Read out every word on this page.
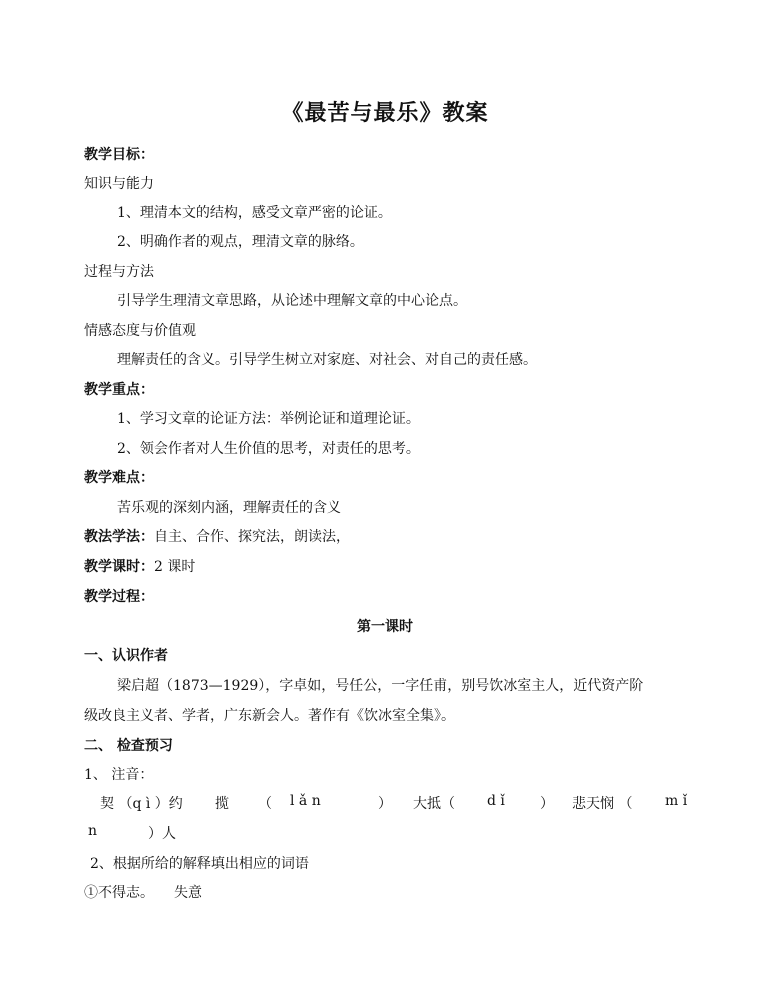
《最苦与最乐》教案
教学目标：
知识与能力
1、理清本文的结构，感受文章严密的论证。
2、明确作者的观点，理清文章的脉络。
过程与方法
引导学生理清文章思路，从论述中理解文章的中心论点。
情感态度与价值观
理解责任的含义。引导学生树立对家庭、对社会、对自己的责任感。
教学重点：
1、学习文章的论证方法：举例论证和道理论证。
2、领会作者对人生价值的思考，对责任的思考。
教学难点：
苦乐观的深刻内涵，理解责任的含义
教法学法：自主、合作、探究法，朗读法，
教学课时：2 课时
教学过程：
第一课时
一、认识作者
梁启超（1873—1929），字卓如，号任公，一字任甫，别号饮冰室主人，近代资产阶
级改良主义者、学者，广东新会人。著作有《饮冰室全集》。
二、 检查预习
1、 注音：
契 （q ì ）约 揽 （ l ǎ n	） 大抵（ d ǐ	） 悲天悯 （ m ǐ
n	）人
2、根据所给的解释填出相应的词语
①不得志。 失意
